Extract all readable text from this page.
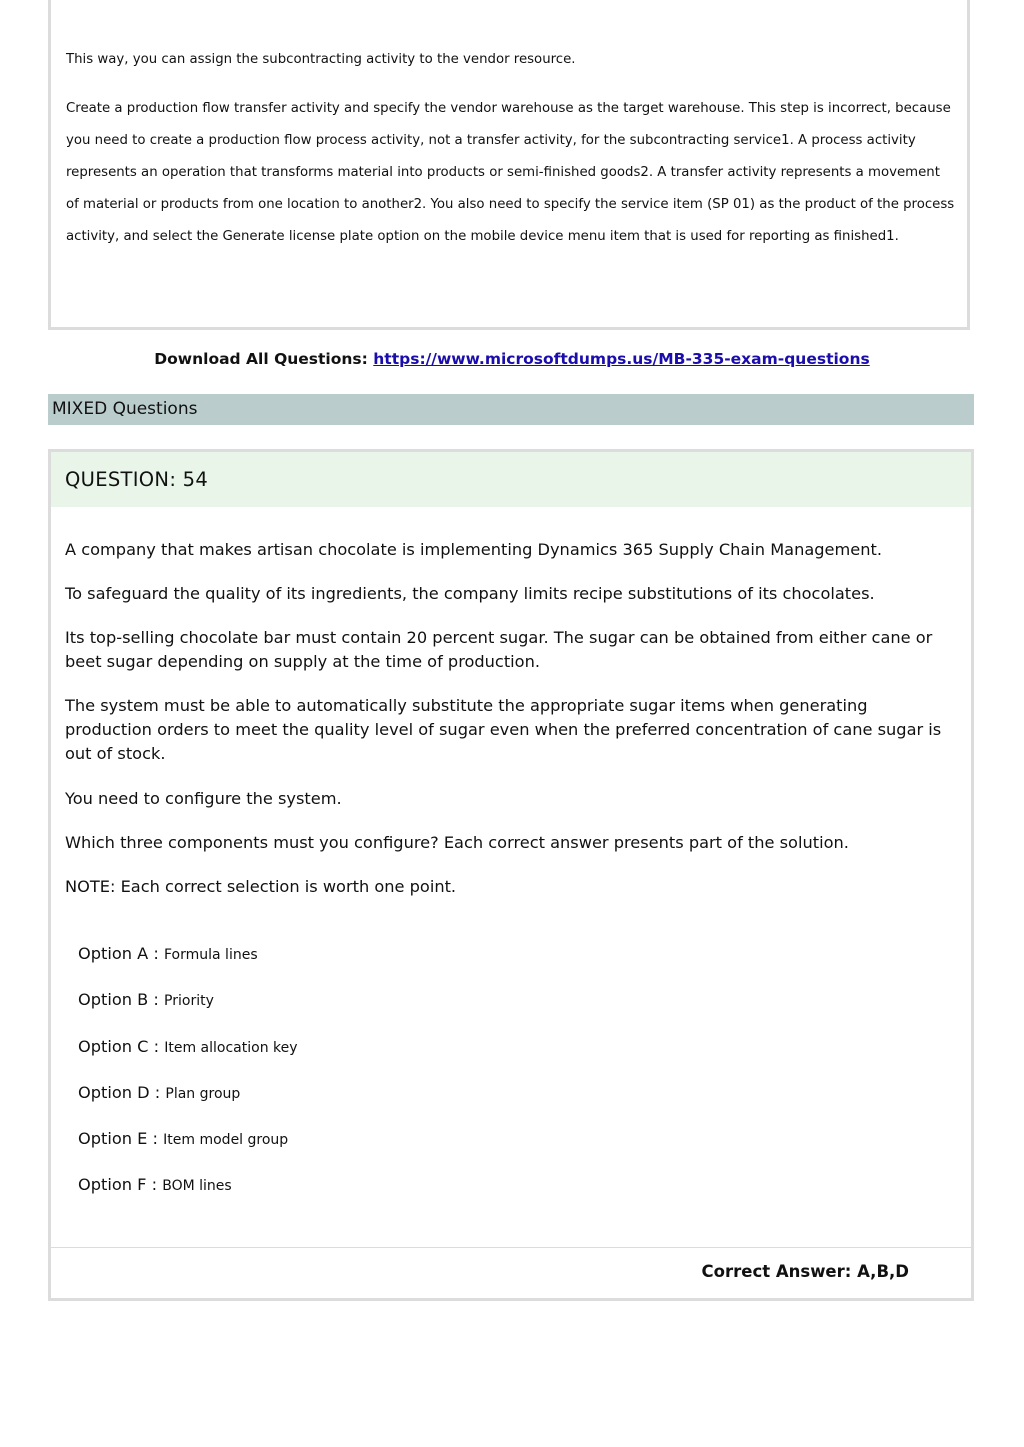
This way, you can assign the subcontracting activity to the vendor resource.

Create a production flow transfer activity and specify the vendor warehouse as the target warehouse. This step is incorrect, because you need to create a production flow process activity, not a transfer activity, for the subcontracting service1. A process activity represents an operation that transforms material into products or semi-finished goods2. A transfer activity represents a movement of material or products from one location to another2. You also need to specify the service item (SP 01) as the product of the process activity, and select the Generate license plate option on the mobile device menu item that is used for reporting as finished1.

Download All Questions: https://www.microsoftdumps.us/MB-335-exam-questions
MIXED Questions
QUESTION: 54

A company that makes artisan chocolate is implementing Dynamics 365 Supply Chain Management.

To safeguard the quality of its ingredients, the company limits recipe substitutions of its chocolates.

Its top-selling chocolate bar must contain 20 percent sugar. The sugar can be obtained from either cane or beet sugar depending on supply at the time of production.

The system must be able to automatically substitute the appropriate sugar items when generating production orders to meet the quality level of sugar even when the preferred concentration of cane sugar is out of stock.

You need to configure the system.

Which three components must you configure? Each correct answer presents part of the solution.

NOTE: Each correct selection is worth one point.

Option A : Formula lines

Option B : Priority

Option C : Item allocation key

Option D : Plan group

Option E : Item model group

Option F : BOM lines

Correct Answer: A,B,D
